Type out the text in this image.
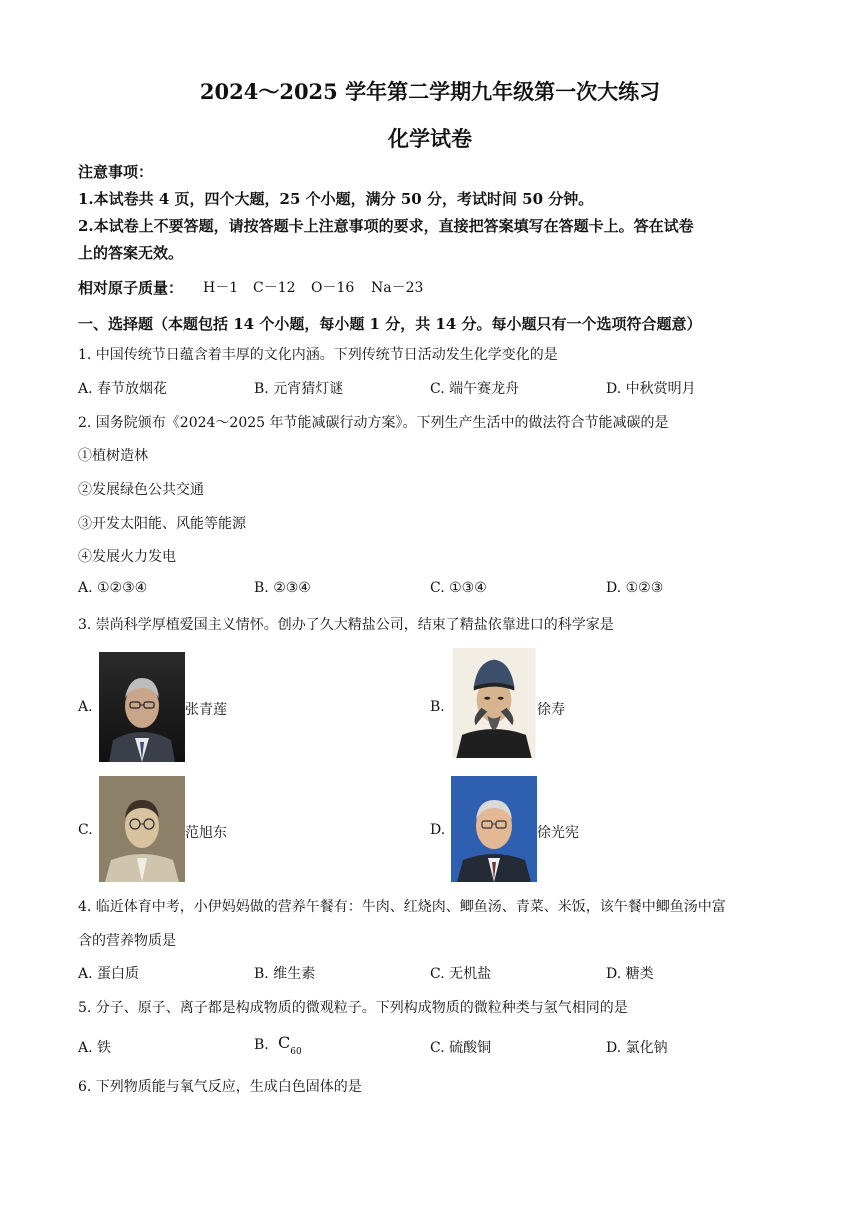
2024～2025 学年第二学期九年级第一次大练习
化学试卷
注意事项：
1.本试卷共 4 页，四个大题，25 个小题，满分 50 分，考试时间 50 分钟。
2.本试卷上不要答题，请按答题卡上注意事项的要求，直接把答案填写在答题卡上。答在试卷
上的答案无效。
相对原子质量： H－1 C－12 O－16 Na－23
一、选择题（本题包括 14 个小题，每小题 1 分，共 14 分。每小题只有一个选项符合题意）
1. 中国传统节日蕴含着丰厚的文化内涵。下列传统节日活动发生化学变化的是
A. 春节放烟花	B. 元宵猜灯谜	C. 端午赛龙舟	D. 中秋赏明月
2. 国务院颁布《2024～2025 年节能减碳行动方案》。下列生产生活中的做法符合节能减碳的是
①植树造林
②发展绿色公共交通
③开发太阳能、风能等能源
④发展火力发电
A. ①②③④	B. ②③④	C. ①③④	D. ①②③
3. 崇尚科学厚植爱国主义情怀。创办了久大精盐公司，结束了精盐依靠进口的科学家是
A.	张青莲	B.	徐寿
C.	范旭东	D.	徐光宪
4. 临近体育中考，小伊妈妈做的营养午餐有：牛肉、红烧肉、鲫鱼汤、青菜、米饭，该午餐中鲫鱼汤中富
含的营养物质是
A. 蛋白质	B. 维生素	C. 无机盐	D. 糖类
5. 分子、原子、离子都是构成物质的微观粒子。下列构成物质的微粒种类与氢气相同的是
A. 铁	B. $C_{60}$	C. 硫酸铜	D. 氯化钠
6. 下列物质能与氧气反应，生成白色固体的是
